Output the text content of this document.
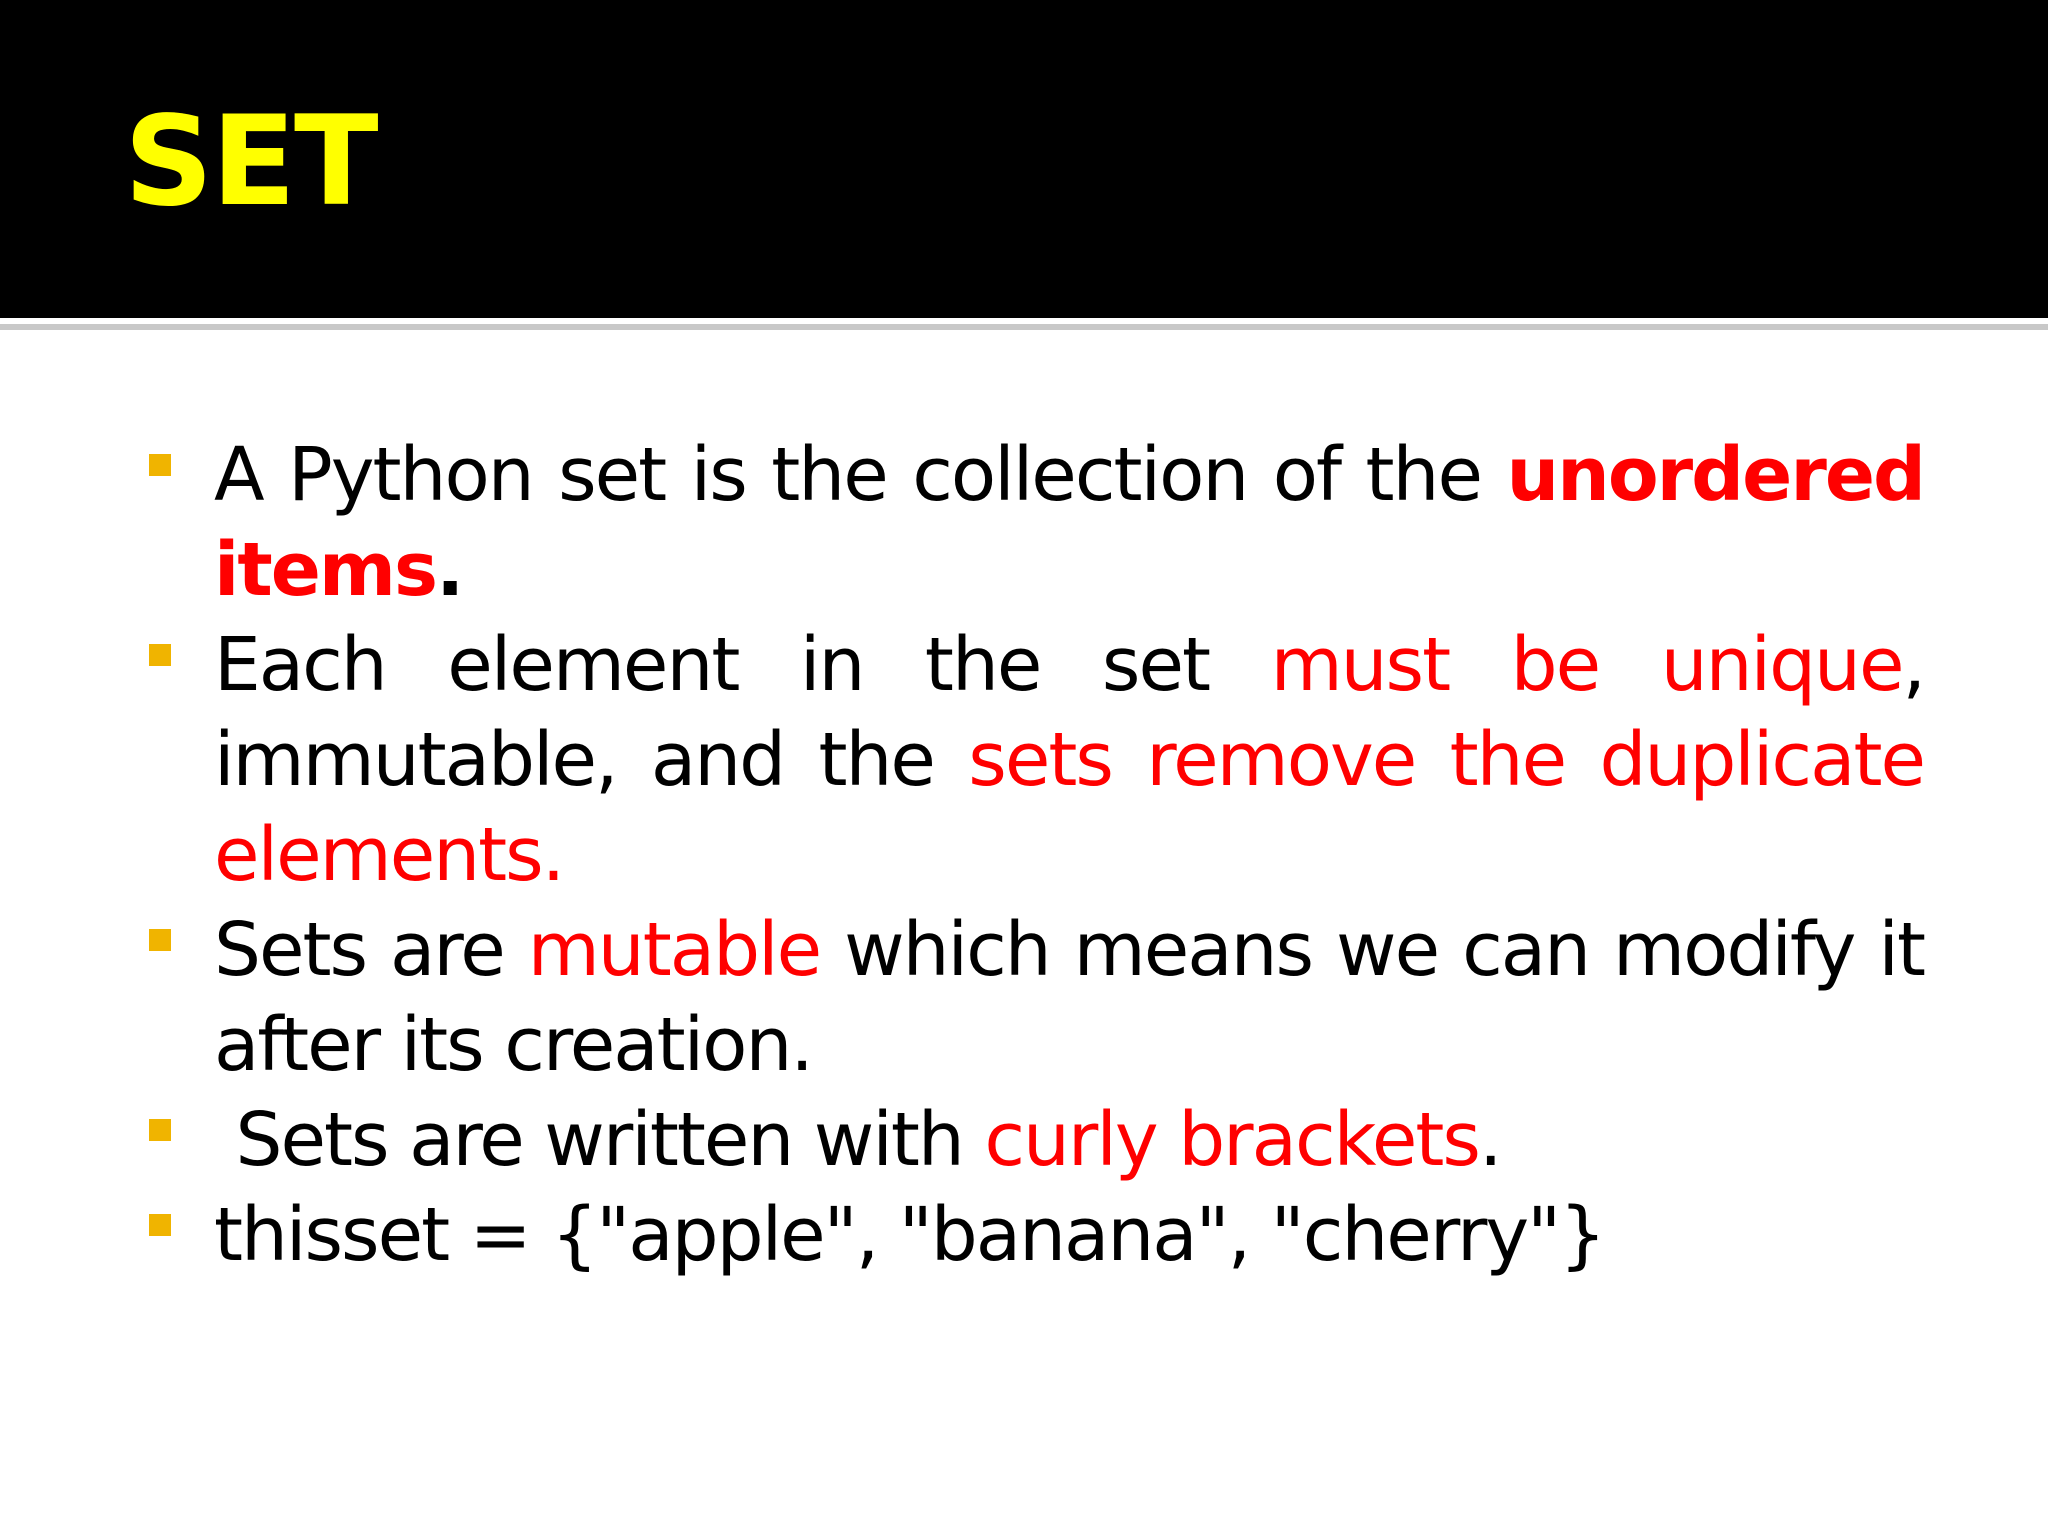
SET
A Python set is the collection of the unordered items.
Each element in the set must be unique, immutable, and the sets remove the duplicate elements.
Sets are mutable which means we can modify it after its creation.
Sets are written with curly brackets.
thisset = {"apple", "banana", "cherry"}
